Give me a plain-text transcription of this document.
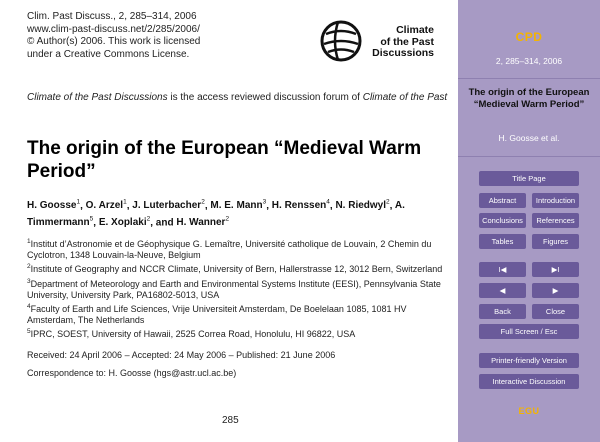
Clim. Past Discuss., 2, 285–314, 2006
www.clim-past-discuss.net/2/285/2006/
© Author(s) 2006. This work is licensed
under a Creative Commons License.
Climate
of the Past
Discussions
Climate of the Past Discussions is the access reviewed discussion forum of Climate of the Past
The origin of the European “Medieval Warm Period”
H. Goosse$^1$, O. Arzel$^1$, J. Luterbacher$^2$, M. E. Mann$^3$, H. Renssen$^4$, N. Riedwyl$^2$, A. Timmermann$^5$, E. Xoplaki$^2$, and H. Wanner$^2$
$^1$Institut d’Astronomie et de Géophysique G. Lemaître, Université catholique de Louvain, 2 Chemin du Cyclotron, 1348 Louvain-la-Neuve, Belgium
$^2$Institute of Geography and NCCR Climate, University of Bern, Hallerstrasse 12, 3012 Bern, Switzerland
$^3$Department of Meteorology and Earth and Environmental Systems Institute (EESI), Pennsylvania State University, University Park, PA16802-5013, USA
$^4$Faculty of Earth and Life Sciences, Vrije Universiteit Amsterdam, De Boelelaan 1085, 1081 HV Amsterdam, The Netherlands
$^5$IPRC, SOEST, University of Hawaii, 2525 Correa Road, Honolulu, HI 96822, USA
Received: 24 April 2006 – Accepted: 24 May 2006 – Published: 21 June 2006
Correspondence to: H. Goosse (hgs@astr.ucl.ac.be)
285
CPD
2, 285–314, 2006
The origin of the European “Medieval Warm Period”
H. Goosse et al.
Title Page
Abstract	Introduction
Conclusions	References
Tables	Figures
I◀	▶I
◀	▶
Back	Close
Full Screen / Esc
Printer-friendly Version
Interactive Discussion
EGU
